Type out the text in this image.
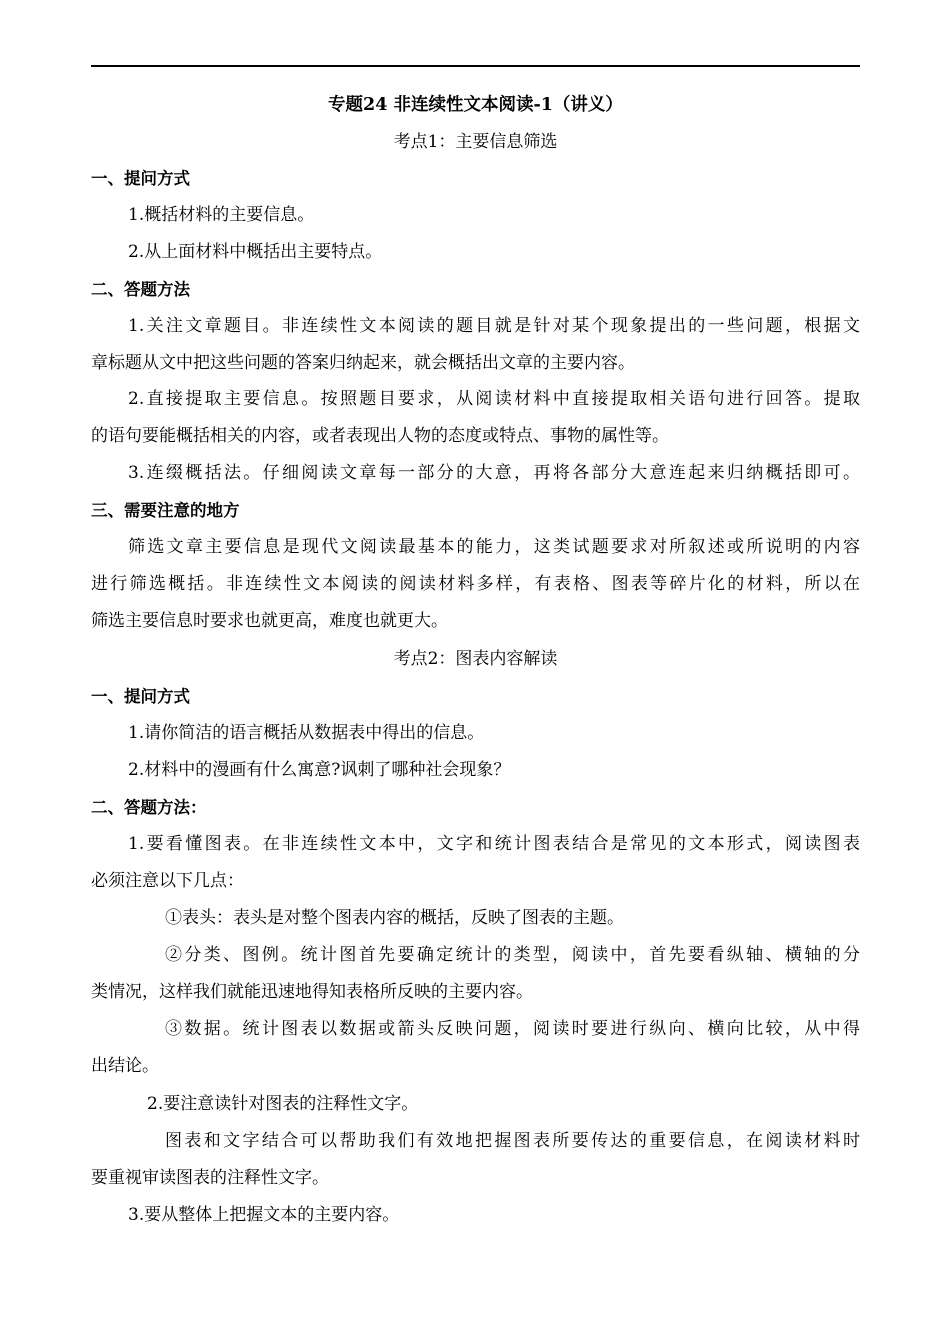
专题24 非连续性文本阅读-1（讲义）

考点1：主要信息筛选

一、提问方式

1.概括材料的主要信息。

2.从上面材料中概括出主要特点。

二、答题方法

1.关注文章题目。非连续性文本阅读的题目就是针对某个现象提出的一些问题，根据文

章标题从文中把这些问题的答案归纳起来，就会概括出文章的主要内容。

2.直接提取主要信息。按照题目要求，从阅读材料中直接提取相关语句进行回答。提取

的语句要能概括相关的内容，或者表现出人物的态度或特点、事物的属性等。

3.连缀概括法。仔细阅读文章每一部分的大意，再将各部分大意连起来归纳概括即可。

三、需要注意的地方

筛选文章主要信息是现代文阅读最基本的能力，这类试题要求对所叙述或所说明的内容

进行筛选概括。非连续性文本阅读的阅读材料多样，有表格、图表等碎片化的材料，所以在

筛选主要信息时要求也就更高，难度也就更大。

考点2：图表内容解读

一、提问方式

1.请你简洁的语言概括从数据表中得出的信息。

2.材料中的漫画有什么寓意?讽刺了哪种社会现象？

二、答题方法：

1.要看懂图表。在非连续性文本中，文字和统计图表结合是常见的文本形式，阅读图表

必须注意以下几点：

①表头：表头是对整个图表内容的概括，反映了图表的主题。

②分类、图例。统计图首先要确定统计的类型，阅读中，首先要看纵轴、横轴的分

类情况，这样我们就能迅速地得知表格所反映的主要内容。

③数据。统计图表以数据或箭头反映问题，阅读时要进行纵向、横向比较，从中得

出结论。

2.要注意读针对图表的注释性文字。

图表和文字结合可以帮助我们有效地把握图表所要传达的重要信息，在阅读材料时

要重视审读图表的注释性文字。

3.要从整体上把握文本的主要内容。
